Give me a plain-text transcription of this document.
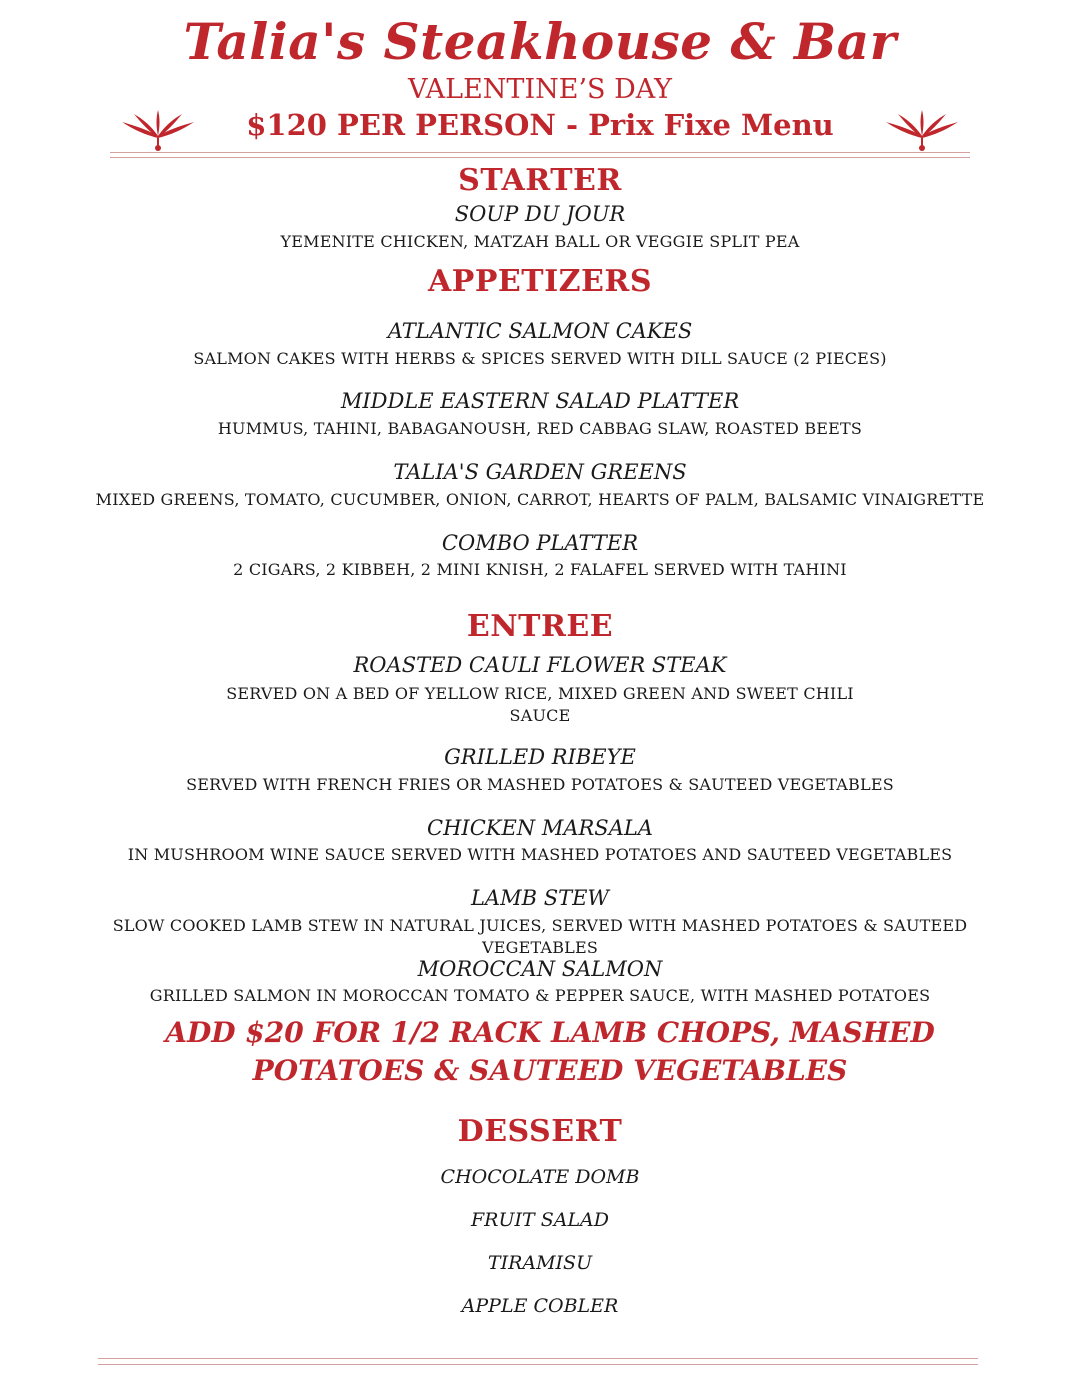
Talia's Steakhouse & Bar
VALENTINE’S DAY
$120 PER PERSON - Prix Fixe Menu
STARTER
SOUP DU JOUR
YEMENITE CHICKEN, MATZAH BALL OR VEGGIE SPLIT PEA
APPETIZERS
ATLANTIC SALMON CAKES
SALMON CAKES WITH HERBS & SPICES SERVED WITH DILL SAUCE (2 PIECES)
MIDDLE EASTERN SALAD PLATTER
HUMMUS, TAHINI, BABAGANOUSH, RED CABBAG SLAW, ROASTED BEETS
TALIA'S GARDEN GREENS
MIXED GREENS, TOMATO, CUCUMBER, ONION, CARROT, HEARTS OF PALM, BALSAMIC VINAIGRETTE
COMBO PLATTER
2 CIGARS, 2 KIBBEH, 2 MINI KNISH, 2 FALAFEL SERVED WITH TAHINI
ENTREE
ROASTED CAULI FLOWER STEAK
SERVED ON A BED OF YELLOW RICE, MIXED GREEN AND SWEET CHILI SAUCE
GRILLED RIBEYE
SERVED WITH FRENCH FRIES OR MASHED POTATOES & SAUTEED VEGETABLES
CHICKEN MARSALA
IN MUSHROOM WINE SAUCE SERVED WITH MASHED POTATOES AND SAUTEED VEGETABLES
LAMB STEW
SLOW COOKED LAMB STEW IN NATURAL JUICES, SERVED WITH MASHED POTATOES & SAUTEED VEGETABLES
MOROCCAN SALMON
GRILLED SALMON IN MOROCCAN TOMATO & PEPPER SAUCE, WITH MASHED POTATOES
ADD $20 FOR 1/2 RACK LAMB CHOPS, MASHED POTATOES & SAUTEED VEGETABLES
DESSERT
CHOCOLATE DOMB
FRUIT SALAD
TIRAMISU
APPLE COBLER
